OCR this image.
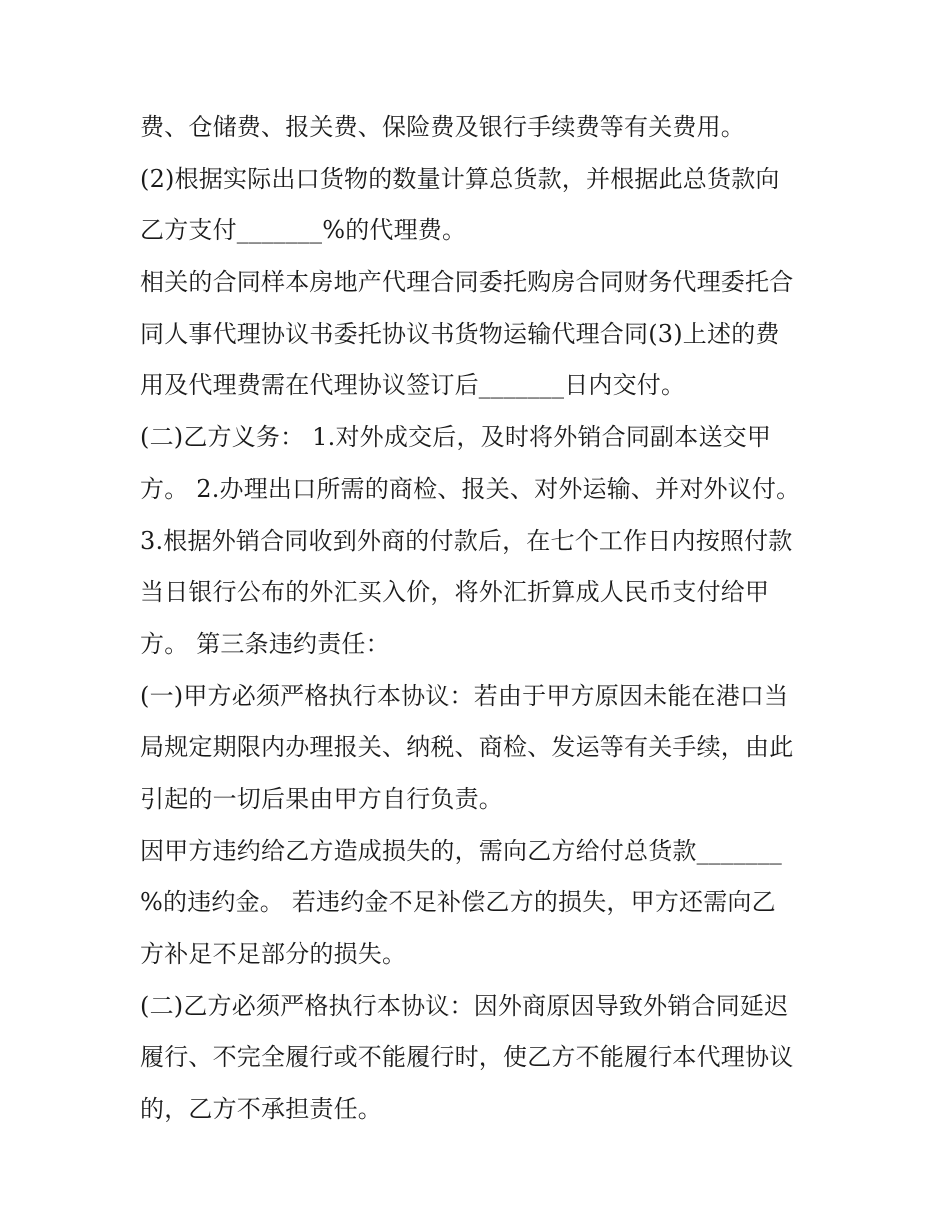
费、仓储费、报关费、保险费及银行手续费等有关费用。
(2)根据实际出口货物的数量计算总货款，并根据此总货款向
乙方支付_______%的代理费。
相关的合同样本房地产代理合同委托购房合同财务代理委托合
同人事代理协议书委托协议书货物运输代理合同(3)上述的费
用及代理费需在代理协议签订后_______日内交付。
(二)乙方义务： 1.对外成交后，及时将外销合同副本送交甲
方。 2.办理出口所需的商检、报关、对外运输、并对外议付。
3.根据外销合同收到外商的付款后，在七个工作日内按照付款
当日银行公布的外汇买入价，将外汇折算成人民币支付给甲
方。 第三条违约责任：
(一)甲方必须严格执行本协议：若由于甲方原因未能在港口当
局规定期限内办理报关、纳税、商检、发运等有关手续，由此
引起的一切后果由甲方自行负责。
因甲方违约给乙方造成损失的，需向乙方给付总货款_______
%的违约金。 若违约金不足补偿乙方的损失，甲方还需向乙
方补足不足部分的损失。
(二)乙方必须严格执行本协议：因外商原因导致外销合同延迟
履行、不完全履行或不能履行时，使乙方不能履行本代理协议
的，乙方不承担责任。
